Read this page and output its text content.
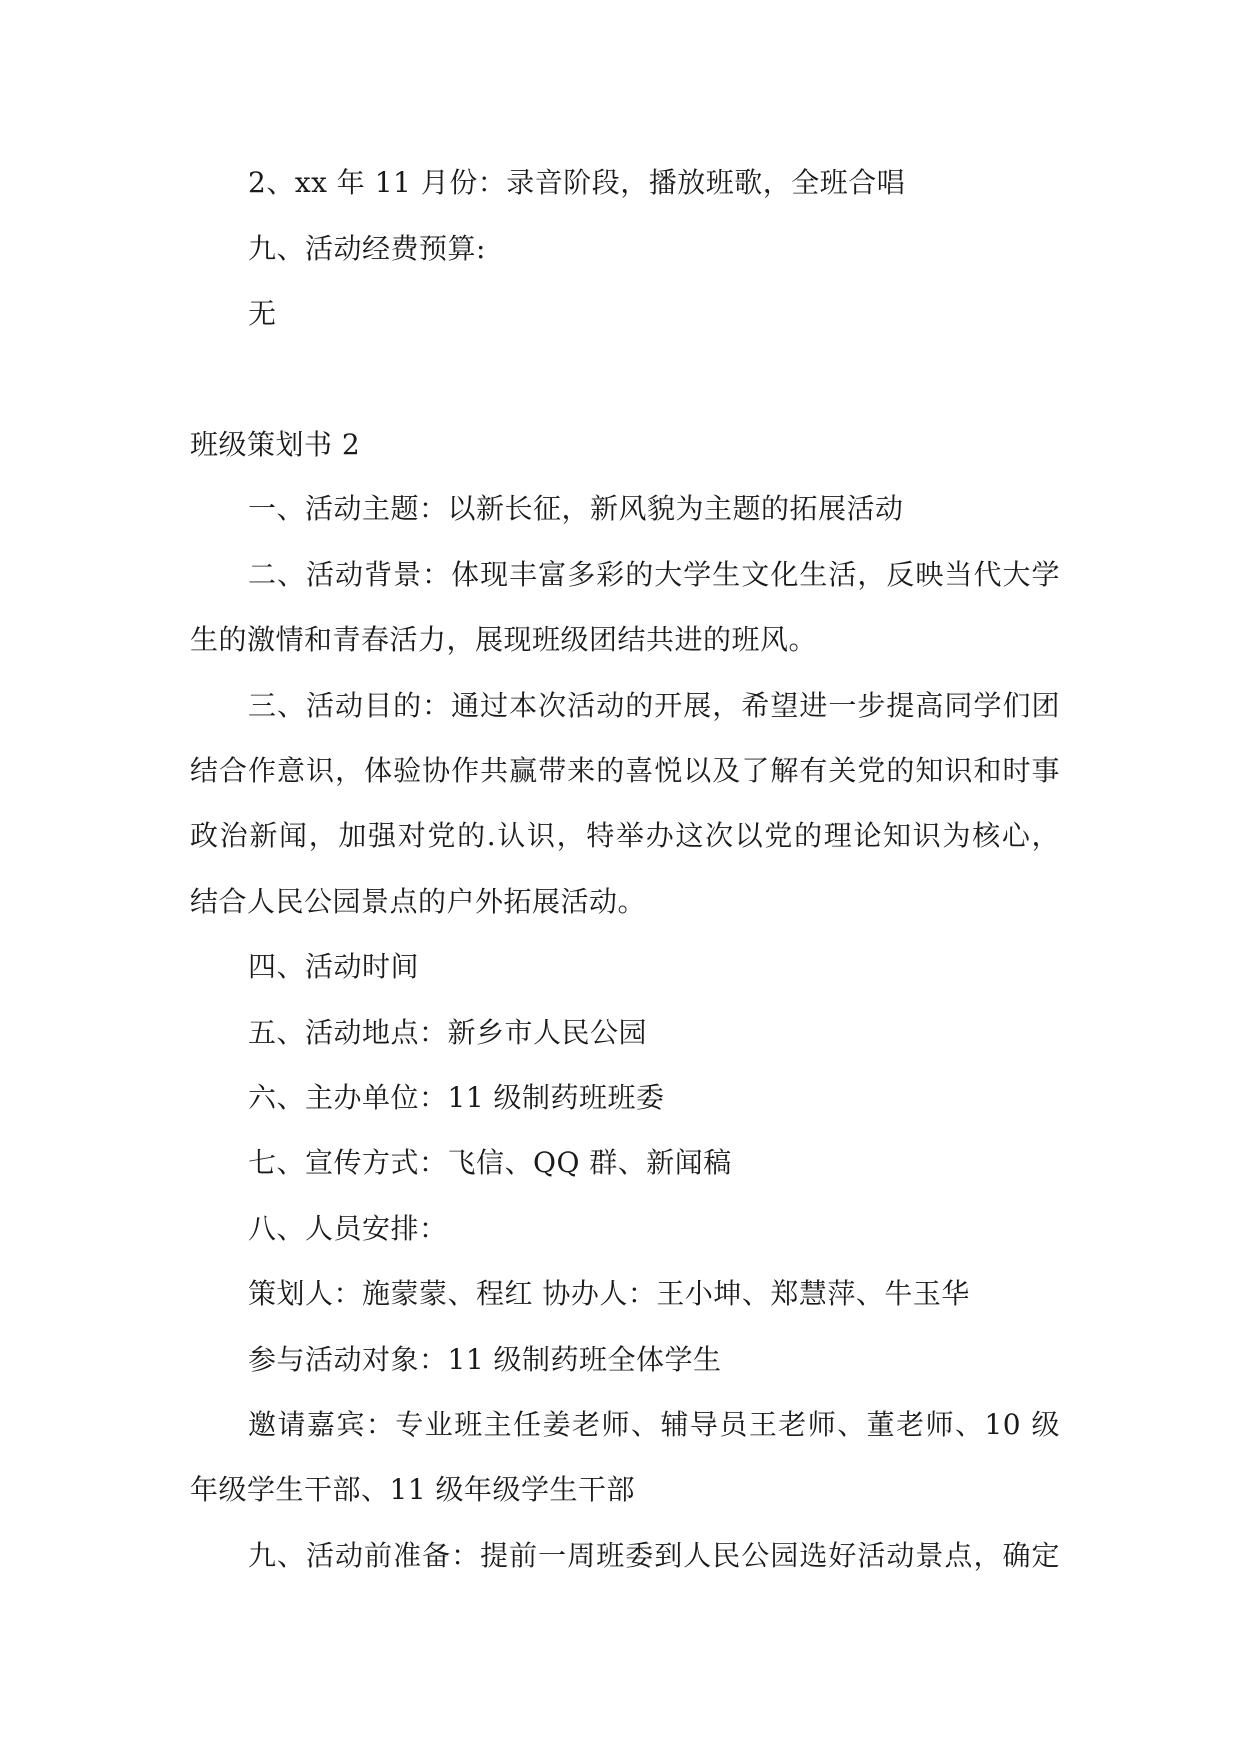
2、xx 年 11 月份：录音阶段，播放班歌，全班合唱
九、活动经费预算:
无
班级策划书 2
一、活动主题：以新长征，新风貌为主题的拓展活动
二、活动背景：体现丰富多彩的大学生文化生活，反映当代大学
生的激情和青春活力，展现班级团结共进的班风。
三、活动目的：通过本次活动的开展，希望进一步提高同学们团
结合作意识，体验协作共赢带来的喜悦以及了解有关党的知识和时事
政治新闻，加强对党的.认识，特举办这次以党的理论知识为核心，
结合人民公园景点的户外拓展活动。
四、活动时间
五、活动地点：新乡市人民公园
六、主办单位：11 级制药班班委
七、宣传方式：飞信、QQ 群、新闻稿
八、人员安排：
策划人：施蒙蒙、程红 协办人：王小坤、郑慧萍、牛玉华
参与活动对象：11 级制药班全体学生
邀请嘉宾：专业班主任姜老师、辅导员王老师、董老师、10 级
年级学生干部、11 级年级学生干部
九、活动前准备：提前一周班委到人民公园选好活动景点，确定
